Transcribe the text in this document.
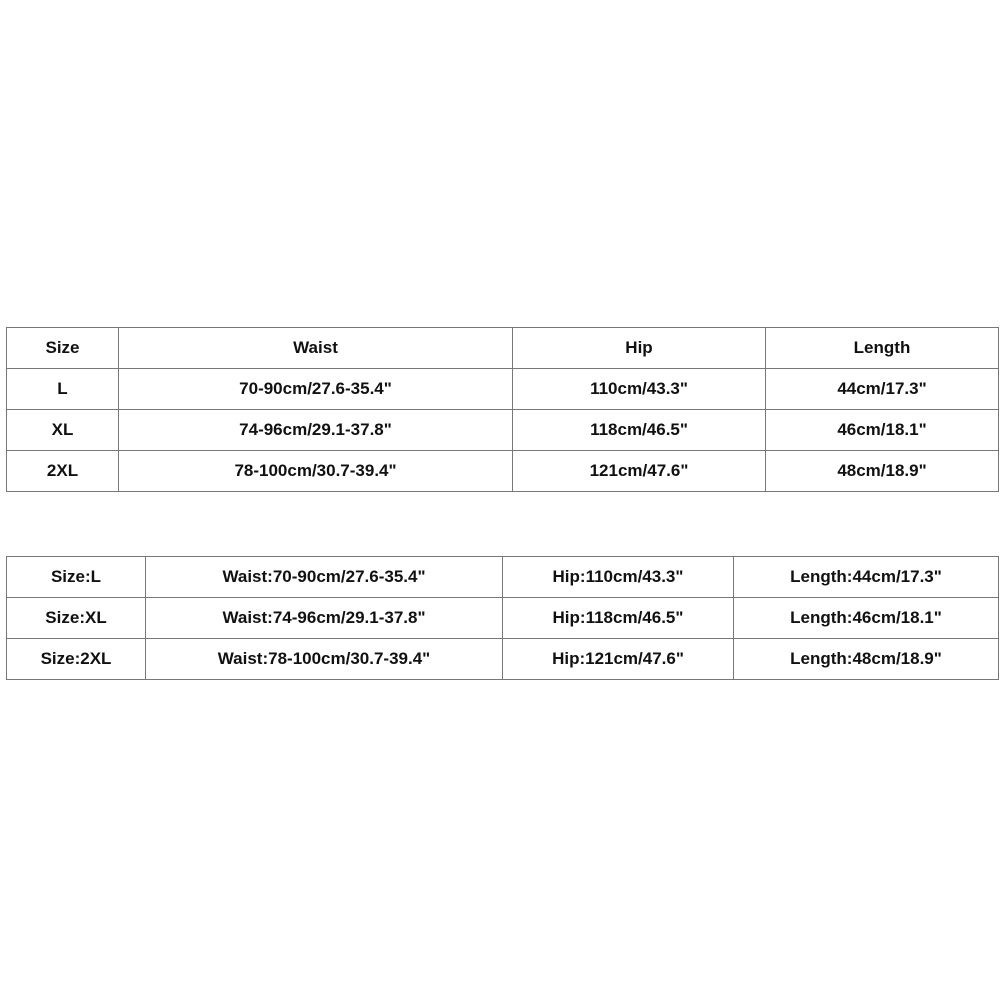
Size	Waist	Hip	Length
L	70-90cm/27.6-35.4"	110cm/43.3"	44cm/17.3"
XL	74-96cm/29.1-37.8"	118cm/46.5"	46cm/18.1"
2XL	78-100cm/30.7-39.4"	121cm/47.6"	48cm/18.9"
Size:L	Waist:70-90cm/27.6-35.4"	Hip:110cm/43.3"	Length:44cm/17.3"
Size:XL	Waist:74-96cm/29.1-37.8"	Hip:118cm/46.5"	Length:46cm/18.1"
Size:2XL	Waist:78-100cm/30.7-39.4"	Hip:121cm/47.6"	Length:48cm/18.9"
